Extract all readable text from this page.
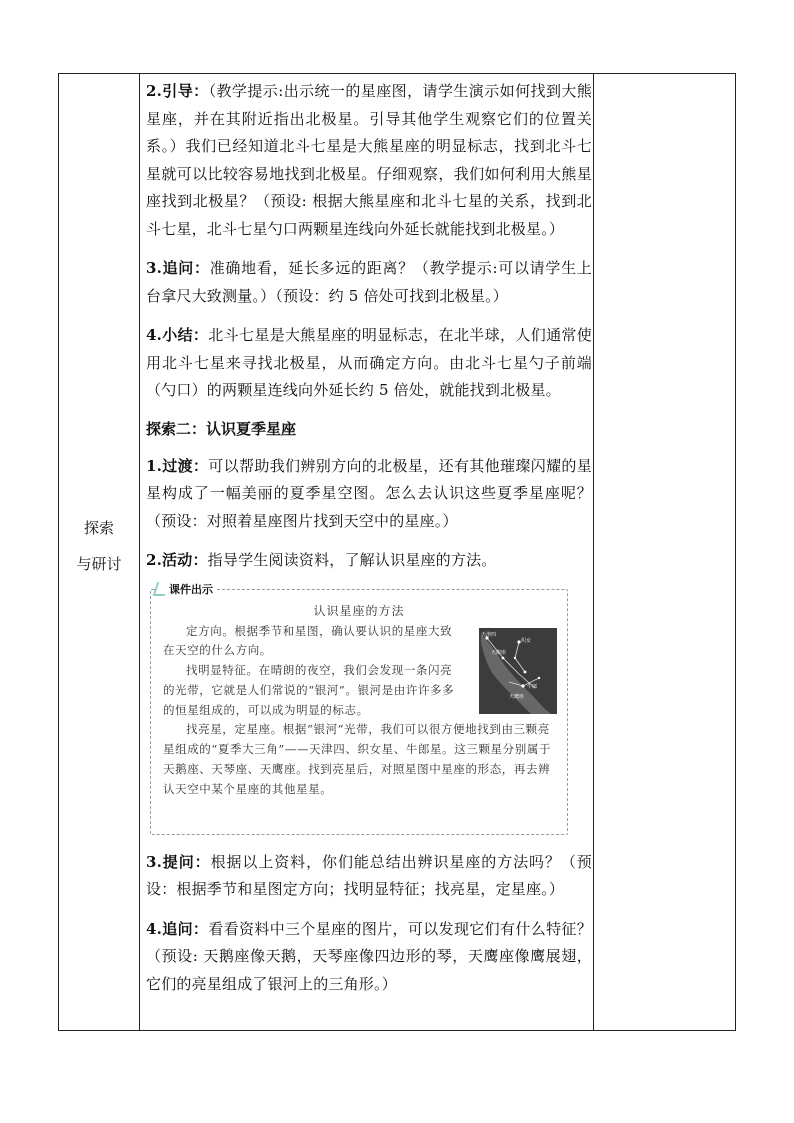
探索
与研讨

2.引导：（教学提示:出示统一的星座图，请学生演示如何找到大熊星座，并在其附近指出北极星。引导其他学生观察它们的位置关系。）我们已经知道北斗七星是大熊星座的明显标志，找到北斗七星就可以比较容易地找到北极星。仔细观察，我们如何利用大熊星座找到北极星？（预设: 根据大熊星座和北斗七星的关系，找到北斗七星，北斗七星勺口两颗星连线向外延长就能找到北极星。）

3.追问：准确地看，延长多远的距离？（教学提示:可以请学生上台拿尺大致测量。）（预设：约 5 倍处可找到北极星。）

4.小结：北斗七星是大熊星座的明显标志，在北半球，人们通常使用北斗七星来寻找北极星，从而确定方向。由北斗七星勺子前端（勺口）的两颗星连线向外延长约 5 倍处，就能找到北极星。

探索二：认识夏季星座

1.过渡：可以帮助我们辨别方向的北极星，还有其他璀璨闪耀的星星构成了一幅美丽的夏季星空图。怎么去认识这些夏季星座呢？（预设：对照着星座图片找到天空中的星座。）

2.活动：指导学生阅读资料，了解认识星座的方法。

课件出示
认识星座的方法

定方向。根据季节和星图，确认要认识的星座大致在天空的什么方向。

找明显特征。在晴朗的夜空，我们会发现一条闪亮的光带，它就是人们常说的“银河”。银河是由许许多多的恒星组成的，可以成为明显的标志。

找亮星，定星座。根据“银河”光带，我们可以很方便地找到由三颗亮星组成的“夏季大三角”——天津四、织女星、牛郎星。这三颗星分别属于天鹅座、天琴座、天鹰座。找到亮星后，对照星图中星座的形态，再去辨认天空中某个星座的其他星星。

天津四
织女
天鹅座
牛郎
天鹰座

3.提问：根据以上资料，你们能总结出辨识星座的方法吗？（预设：根据季节和星图定方向；找明显特征；找亮星，定星座。）

4.追问：看看资料中三个星座的图片，可以发现它们有什么特征？（预设: 天鹅座像天鹅，天琴座像四边形的琴，天鹰座像鹰展翅，它们的亮星组成了银河上的三角形。）
